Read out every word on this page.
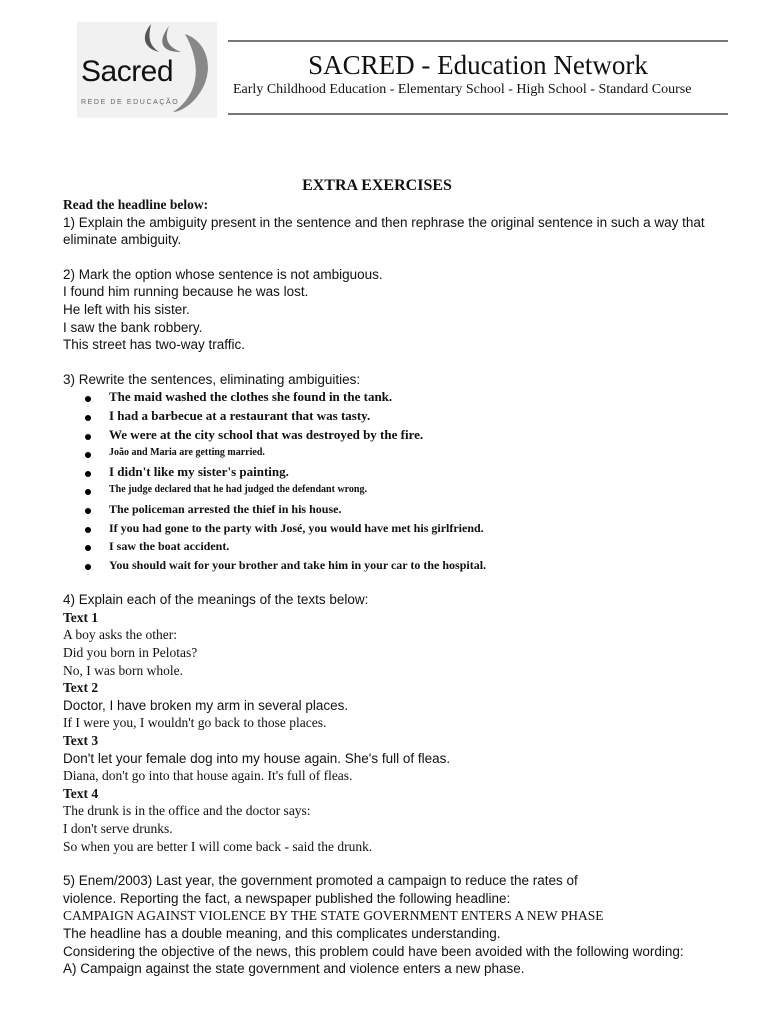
Sacred
REDE DE EDUCAÇÃO
SACRED - Education Network
Early Childhood Education - Elementary School - High School - Standard Course
EXTRA EXERCISES
Read the headline below:
1) Explain the ambiguity present in the sentence and then rephrase the original sentence in such a way that
eliminate ambiguity.
2) Mark the option whose sentence is not ambiguous.
I found him running because he was lost.
He left with his sister.
I saw the bank robbery.
This street has two-way traffic.
3) Rewrite the sentences, eliminating ambiguities:
The maid washed the clothes she found in the tank.
I had a barbecue at a restaurant that was tasty.
We were at the city school that was destroyed by the fire.
João and Maria are getting married.
I didn't like my sister's painting.
The judge declared that he had judged the defendant wrong.
The policeman arrested the thief in his house.
If you had gone to the party with José, you would have met his girlfriend.
I saw the boat accident.
You should wait for your brother and take him in your car to the hospital.
4) Explain each of the meanings of the texts below:
Text 1
A boy asks the other:
Did you born in Pelotas?
No, I was born whole.
Text 2
Doctor, I have broken my arm in several places.
If I were you, I wouldn't go back to those places.
Text 3
Don't let your female dog into my house again. She's full of fleas.
Diana, don't go into that house again. It's full of fleas.
Text 4
The drunk is in the office and the doctor says:
I don't serve drunks.
So when you are better I will come back - said the drunk.
5) Enem/2003) Last year, the government promoted a campaign to reduce the rates of
violence. Reporting the fact, a newspaper published the following headline:
CAMPAIGN AGAINST VIOLENCE BY THE STATE GOVERNMENT ENTERS A NEW PHASE
The headline has a double meaning, and this complicates understanding.
Considering the objective of the news, this problem could have been avoided with the following wording:
A) Campaign against the state government and violence enters a new phase.
